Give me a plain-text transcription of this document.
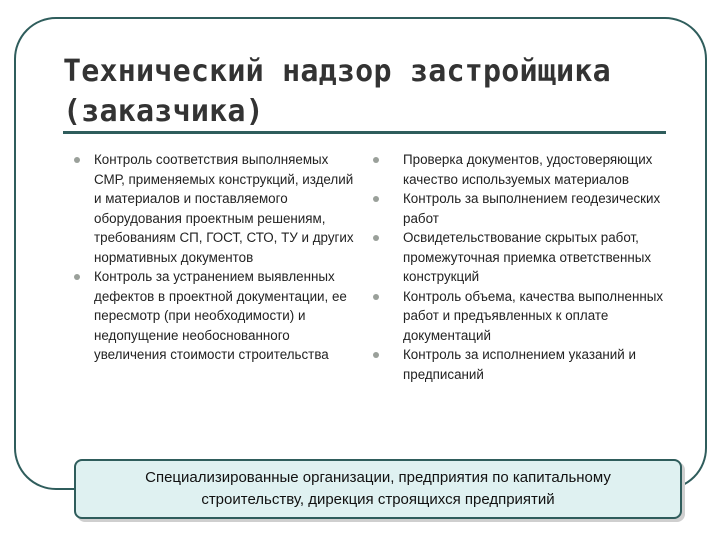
Технический надзор застройщика (заказчика)
Контроль соответствия выполняемых СМР, применяемых конструкций, изделий и материалов и поставляемого оборудования проектным решениям, требованиям СП, ГОСТ, СТО, ТУ и других нормативных документов
Контроль за устранением выявленных дефектов в проектной документации, ее пересмотр (при необходимости) и недопущение необоснованного увеличения стоимости строительства
Проверка документов, удостоверяющих качество используемых материалов
Контроль за выполнением геодезических работ
Освидетельствование скрытых работ, промежуточная приемка ответственных конструкций
Контроль объема, качества выполненных работ и предъявленных к оплате документаций
Контроль за исполнением указаний и предписаний
Специализированные организации, предприятия по капитальному строительству, дирекция строящихся предприятий
